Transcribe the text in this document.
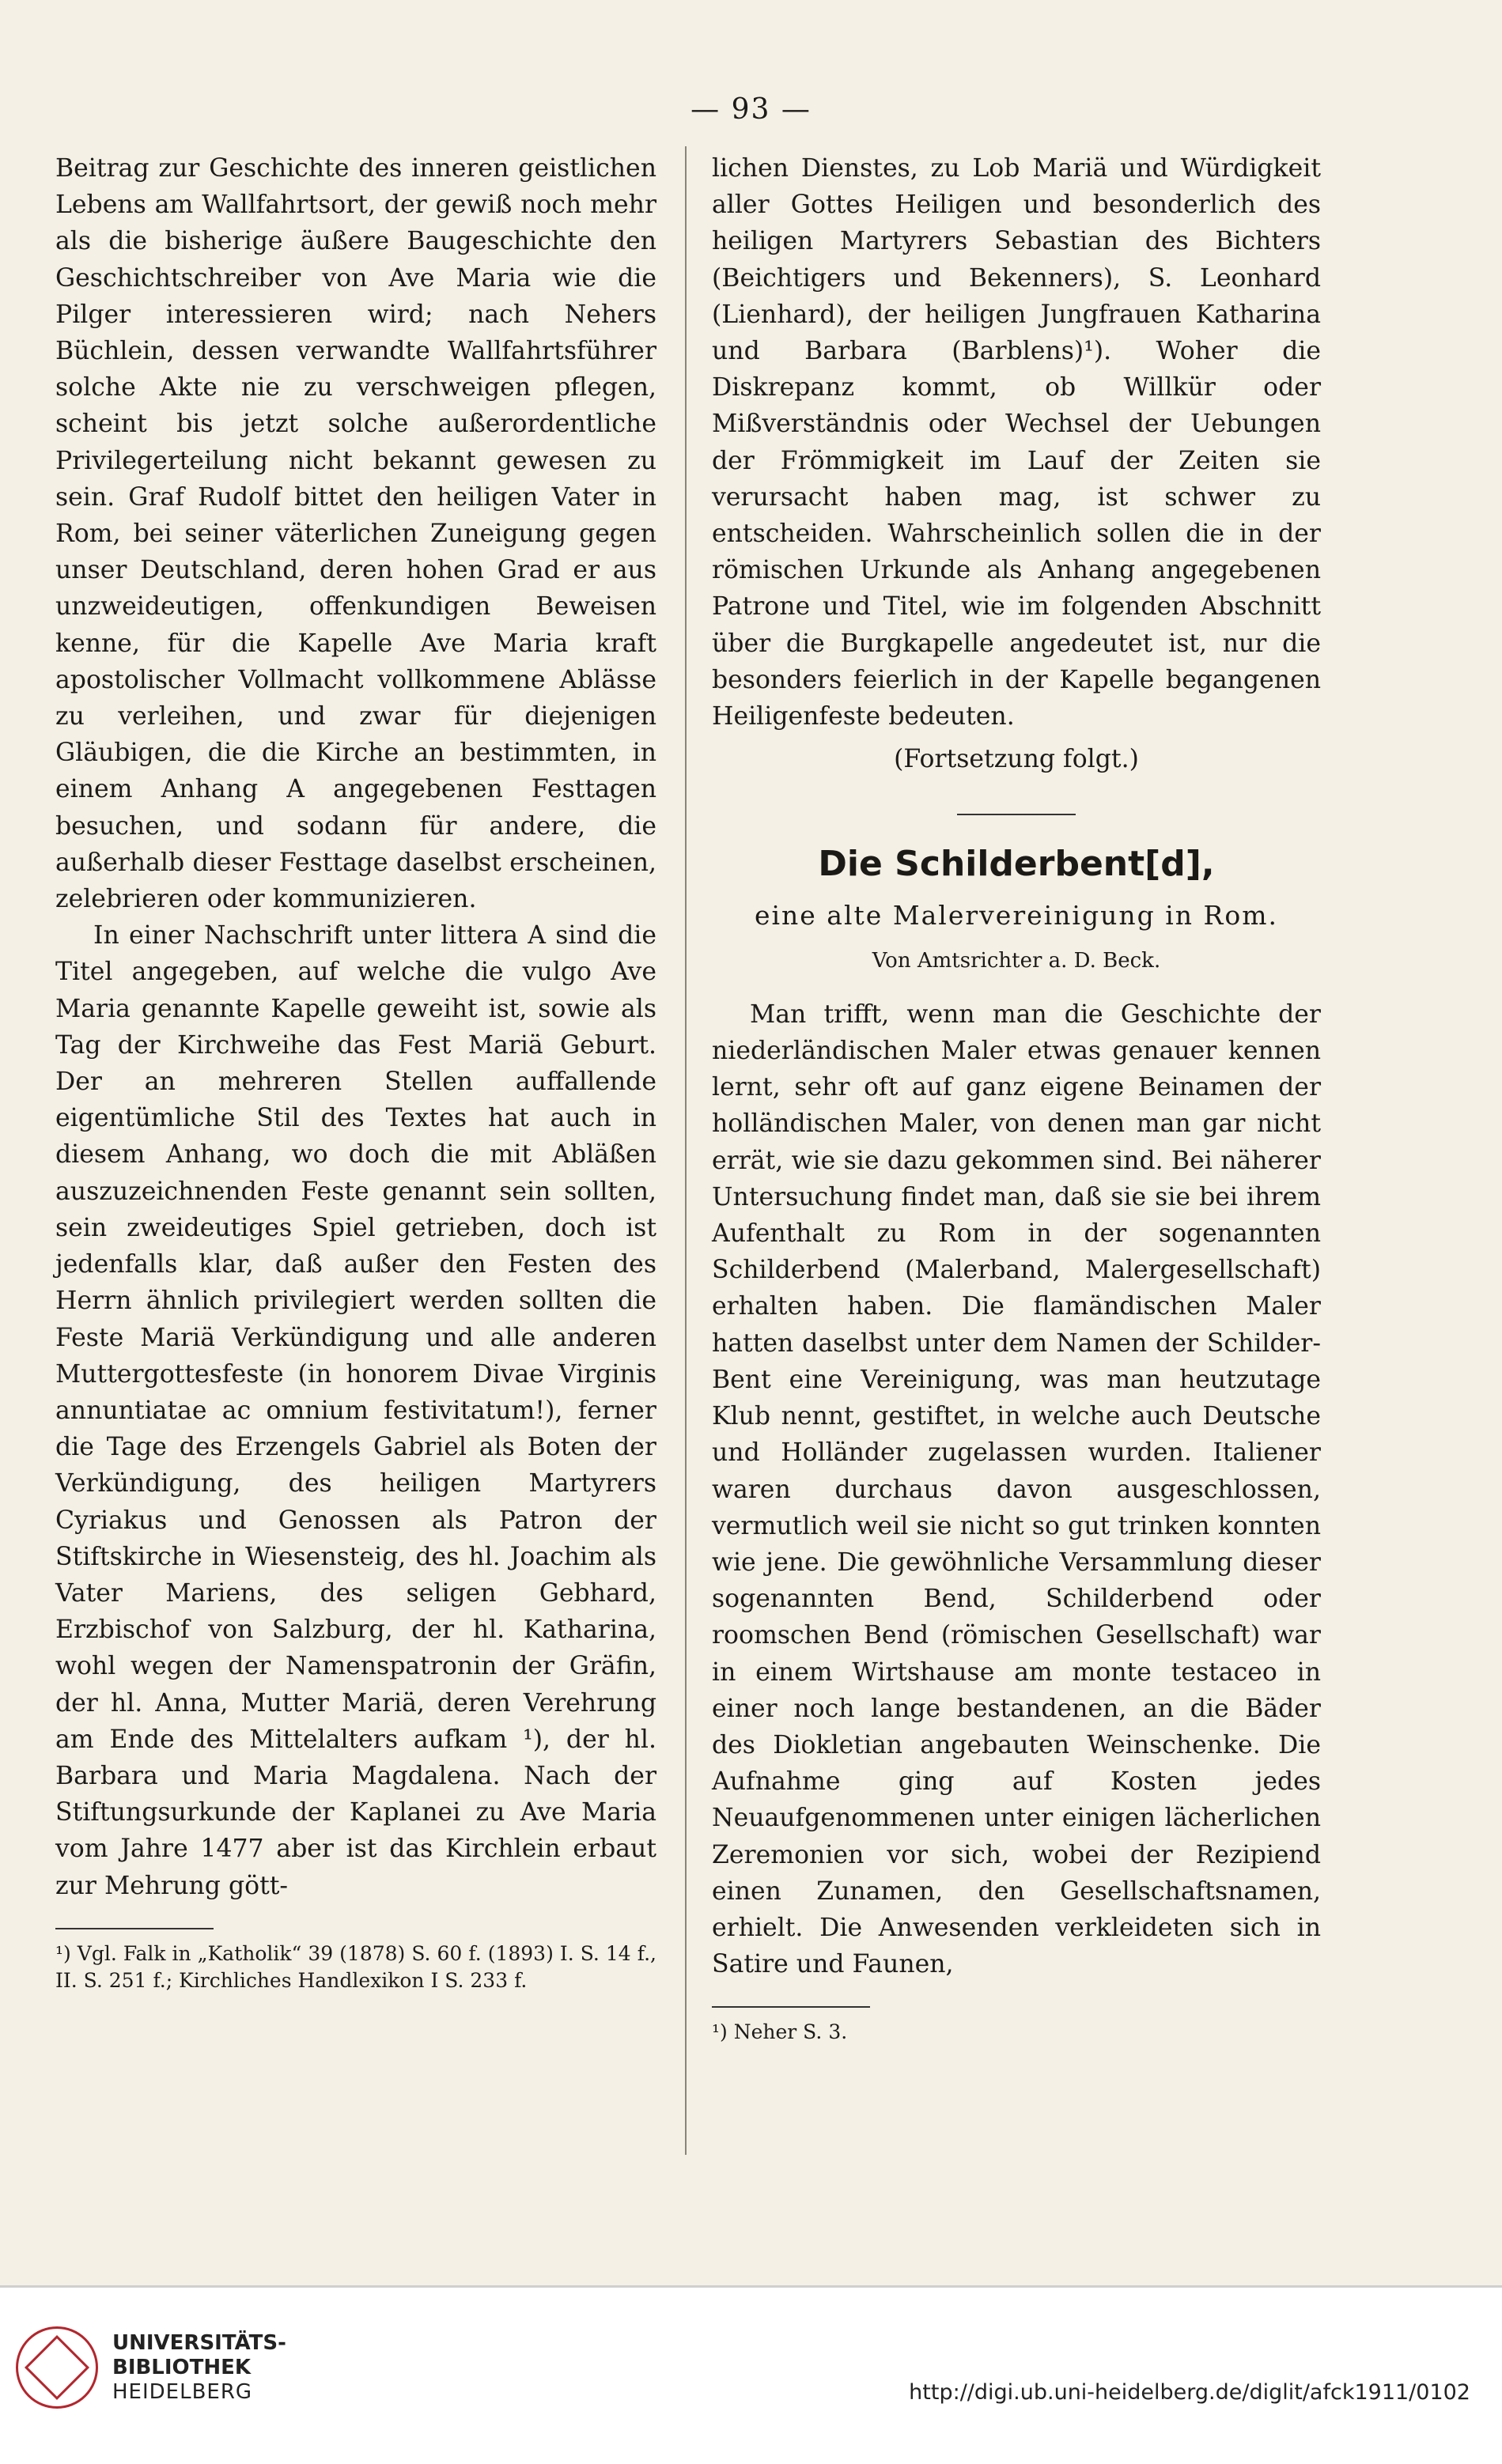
— 93 —

Beitrag zur Geschichte des inneren geistlichen Lebens am Wallfahrtsort, der gewiß noch mehr als die bisherige äußere Baugeschichte den Geschichtschreiber von Ave Maria wie die Pilger interessieren wird; nach Nehers Büchlein, dessen verwandte Wallfahrtsführer solche Akte nie zu verschweigen pflegen, scheint bis jetzt solche außerordentliche Privilegerteilung nicht bekannt gewesen zu sein. Graf Rudolf bittet den heiligen Vater in Rom, bei seiner väterlichen Zuneigung gegen unser Deutschland, deren hohen Grad er aus unzweideutigen, offenkundigen Beweisen kenne, für die Kapelle Ave Maria kraft apostolischer Vollmacht vollkommene Ablässe zu verleihen, und zwar für diejenigen Gläubigen, die die Kirche an bestimmten, in einem Anhang A angegebenen Festtagen besuchen, und sodann für andere, die außerhalb dieser Festtage daselbst erscheinen, zelebrieren oder kommunizieren.

In einer Nachschrift unter littera A sind die Titel angegeben, auf welche die vulgo Ave Maria genannte Kapelle geweiht ist, sowie als Tag der Kirchweihe das Fest Mariä Geburt. Der an mehreren Stellen auffallende eigentümliche Stil des Textes hat auch in diesem Anhang, wo doch die mit Abläßen auszuzeichnenden Feste genannt sein sollten, sein zweideutiges Spiel getrieben, doch ist jedenfalls klar, daß außer den Festen des Herrn ähnlich privilegiert werden sollten die Feste Mariä Verkündigung und alle anderen Muttergottesfeste (in honorem Divae Virginis annuntiatae ac omnium festivitatum!), ferner die Tage des Erzengels Gabriel als Boten der Verkündigung, des heiligen Martyrers Cyriakus und Genossen als Patron der Stiftskirche in Wiesensteig, des hl. Joachim als Vater Mariens, des seligen Gebhard, Erzbischof von Salzburg, der hl. Katharina, wohl wegen der Namenspatronin der Gräfin, der hl. Anna, Mutter Mariä, deren Verehrung am Ende des Mittelalters aufkam ¹), der hl. Barbara und Maria Magdalena. Nach der Stiftungsurkunde der Kaplanei zu Ave Maria vom Jahre 1477 aber ist das Kirchlein erbaut zur Mehrung gött-

¹) Vgl. Falk in „Katholik“ 39 (1878) S. 60 f. (1893) I. S. 14 f., II. S. 251 f.; Kirchliches Handlexikon I S. 233 f.

lichen Dienstes, zu Lob Mariä und Würdigkeit aller Gottes Heiligen und besonderlich des heiligen Martyrers Sebastian des Bichters (Beichtigers und Bekenners), S. Leonhard (Lienhard), der heiligen Jungfrauen Katharina und Barbara (Barblens)¹). Woher die Diskrepanz kommt, ob Willkür oder Mißverständnis oder Wechsel der Uebungen der Frömmigkeit im Lauf der Zeiten sie verursacht haben mag, ist schwer zu entscheiden. Wahrscheinlich sollen die in der römischen Urkunde als Anhang angegebenen Patrone und Titel, wie im folgenden Abschnitt über die Burgkapelle angedeutet ist, nur die besonders feierlich in der Kapelle begangenen Heiligenfeste bedeuten.

(Fortsetzung folgt.)

Die Schilderbent[d],

eine alte Malervereinigung in Rom.

Von Amtsrichter a. D. Beck.

Man trifft, wenn man die Geschichte der niederländischen Maler etwas genauer kennen lernt, sehr oft auf ganz eigene Beinamen der holländischen Maler, von denen man gar nicht errät, wie sie dazu gekommen sind. Bei näherer Untersuchung findet man, daß sie sie bei ihrem Aufenthalt zu Rom in der sogenannten Schilderbend (Malerband, Malergesellschaft) erhalten haben. Die flamändischen Maler hatten daselbst unter dem Namen der Schilder-Bent eine Vereinigung, was man heutzutage Klub nennt, gestiftet, in welche auch Deutsche und Holländer zugelassen wurden. Italiener waren durchaus davon ausgeschlossen, vermutlich weil sie nicht so gut trinken konnten wie jene. Die gewöhnliche Versammlung dieser sogenannten Bend, Schilderbend oder roomschen Bend (römischen Gesellschaft) war in einem Wirtshause am monte testaceo in einer noch lange bestandenen, an die Bäder des Diokletian angebauten Weinschenke. Die Aufnahme ging auf Kosten jedes Neuaufgenommenen unter einigen lächerlichen Zeremonien vor sich, wobei der Rezipiend einen Zunamen, den Gesellschaftsnamen, erhielt. Die Anwesenden verkleideten sich in Satire und Faunen,

¹) Neher S. 3.

UNIVERSITÄTS-
BIBLIOTHEK
HEIDELBERG	http://digi.ub.uni-heidelberg.de/diglit/afck1911/0102
